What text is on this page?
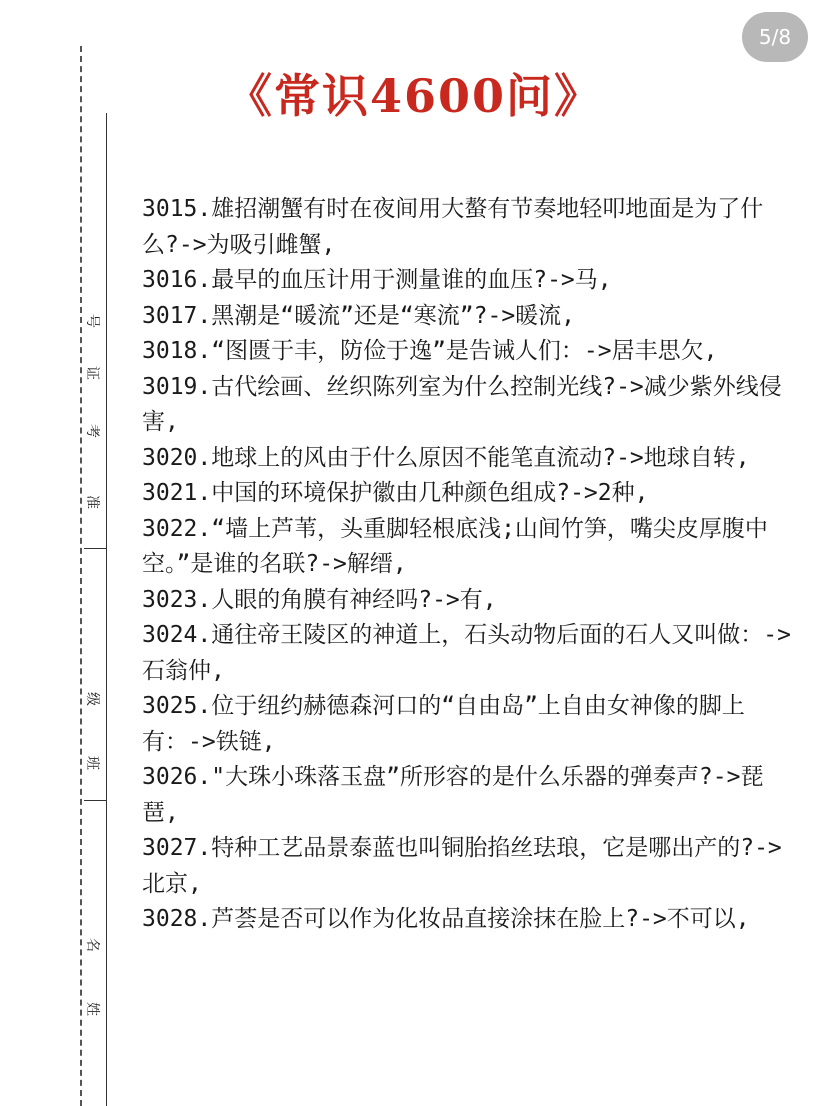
5/8
《常识4600问》
号
证
考
准
级
班
名
姓

3015.雄招潮蟹有时在夜间用大螯有节奏地轻叩地面是为了什么?->为吸引雌蟹,

3016.最早的血压计用于测量谁的血压?->马,

3017.黑潮是“暖流”还是“寒流”?->暖流,

3018.“图匮于丰，防俭于逸”是告诫人们：->居丰思欠,

3019.古代绘画、丝织陈列室为什么控制光线?->减少紫外线侵害,

3020.地球上的风由于什么原因不能笔直流动?->地球自转,

3021.中国的环境保护徽由几种颜色组成?->2种,

3022.“墙上芦苇，头重脚轻根底浅;山间竹笋，嘴尖皮厚腹中空。”是谁的名联?->解缙,

3023.人眼的角膜有神经吗?->有,

3024.通往帝王陵区的神道上，石头动物后面的石人又叫做：->石翁仲,

3025.位于纽约赫德森河口的“自由岛”上自由女神像的脚上有：->铁链,

3026."大珠小珠落玉盘”所形容的是什么乐器的弹奏声?->琵琶,

3027.特种工艺品景泰蓝也叫铜胎掐丝珐琅，它是哪出产的?->北京,

3028.芦荟是否可以作为化妆品直接涂抹在脸上?->不可以,
